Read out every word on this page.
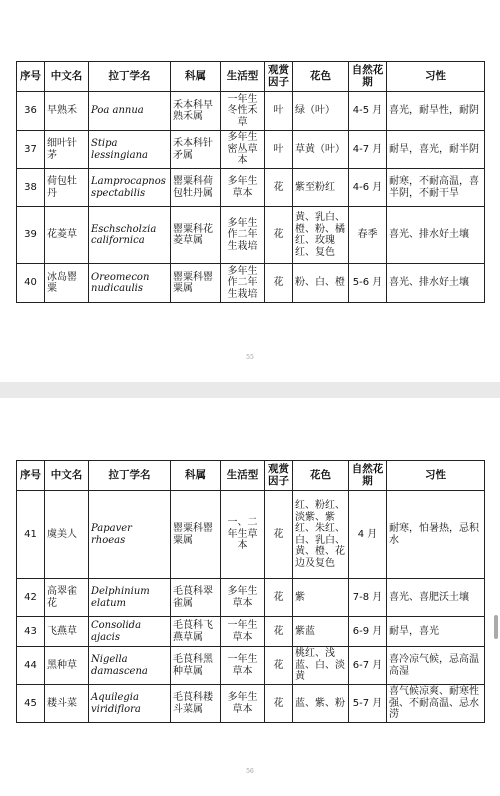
序号	中文名	拉丁学名	科属	生活型	观赏因子	花色	自然花期	习性
36	早熟禾	Poa annua	禾本科早熟禾属	一年生冬性禾草	叶	绿（叶）	4-5 月	喜光，耐旱性，耐阴
37	细叶针茅	Stipa lessingiana	禾本科针矛属	多年生密丛草本	叶	草黄（叶）	4-7 月	耐旱，喜光，耐半阴
38	荷包牡丹	Lamprocapnos spectabilis	罂粟科荷包牡丹属	多年生草本	花	紫至粉红	4-6 月	耐寒，不耐高温，喜半阴，不耐干旱
39	花菱草	Eschscholzia californica	罂粟科花菱草属	多年生作二年生栽培	花	黄、乳白、橙、粉、橘红、玫瑰红、复色	春季	喜光、排水好土壤
40	冰岛罂粟	Oreomecon nudicaulis	罂粟科罂粟属	多年生作二年生栽培	花	粉、白、橙	5-6 月	喜光、排水好土壤
55
序号	中文名	拉丁学名	科属	生活型	观赏因子	花色	自然花期	习性
41	虞美人	Papaver rhoeas	罂粟科罂粟属	一、二年生草本	花	红、粉红、淡紫、紫红、朱红、白、乳白、黄、橙、花边及复色	4 月	耐寒，怕暑热，忌积水
42	高翠雀花	Delphinium elatum	毛茛科翠雀属	多年生草本	花	紫	7-8 月	喜光、喜肥沃土壤
43	飞燕草	Consolida ajacis	毛茛科飞燕草属	一年生草本	花	紫蓝	6-9 月	耐旱，喜光
44	黑种草	Nigella damascena	毛茛科黑种草属	一年生草本	花	桃红、浅蓝、白、淡黄	6-7 月	喜冷凉气候，忌高温高湿
45	耧斗菜	Aquilegia viridiflora	毛茛科耧斗菜属	多年生草本	花	蓝、紫、粉	5-7 月	喜气候凉爽、耐寒性强、不耐高温、忌水涝
56
